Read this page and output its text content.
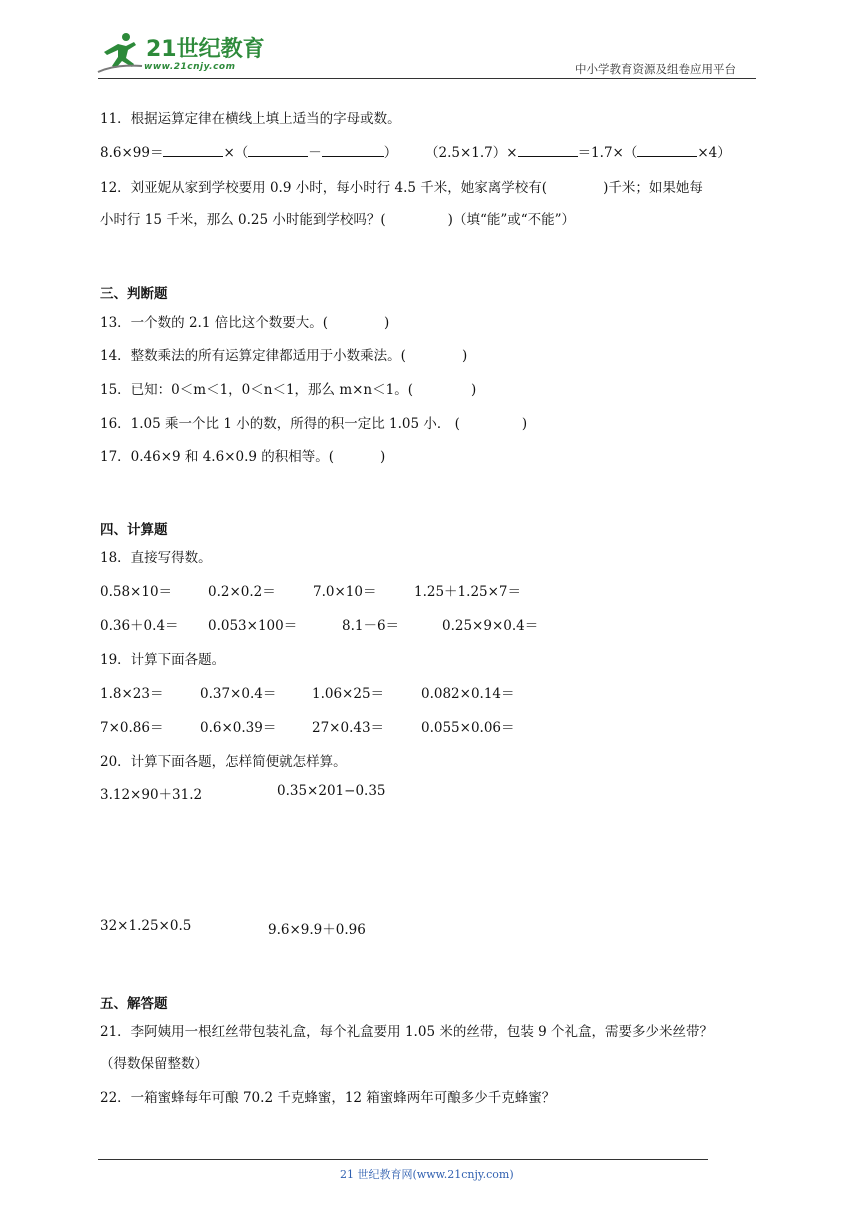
21世纪教育
www.21cnjy.com	中小学教育资源及组卷应用平台
11．根据运算定律在横线上填上适当的字母或数。
8.6×99＝	×（	－	） （2.5×1.7）×	＝1.7×（	×4）
12．刘亚妮从家到学校要用 0.9 小时，每小时行 4.5 千米，她家离学校有(	)千米；如果她每
小时行 15 千米，那么 0.25 小时能到学校吗？(	)（填“能”或“不能”）
三、判断题
13．一个数的 2.1 倍比这个数要大。(	)
14．整数乘法的所有运算定律都适用于小数乘法。(	)
15．已知：0＜m＜1，0＜n＜1，那么 m×n＜1。(	)
16．1.05 乘一个比 1 小的数，所得的积一定比 1.05 小． (	)
17．0.46×9 和 4.6×0.9 的积相等。(	)
四、计算题
18．直接写得数。
0.58×10＝	0.2×0.2＝	7.0×10＝	1.25＋1.25×7＝
0.36＋0.4＝ 0.053×100＝	8.1－6＝	0.25×9×0.4＝
19．计算下面各题。
1.8×23＝	0.37×0.4＝	1.06×25＝	0.082×0.14＝
7×0.86＝	0.6×0.39＝	27×0.43＝	0.055×0.06＝
20．计算下面各题，怎样简便就怎样算。
3.12×90＋31.2	0.35×201−0.35
32×1.25×0.5	9.6×9.9＋0.96
五、解答题
21．李阿姨用一根红丝带包装礼盒，每个礼盒要用 1.05 米的丝带，包装 9 个礼盒，需要多少米丝带？
（得数保留整数）
22．一箱蜜蜂每年可酿 70.2 千克蜂蜜，12 箱蜜蜂两年可酿多少千克蜂蜜？
21 世纪教育网(www.21cnjy.com)
